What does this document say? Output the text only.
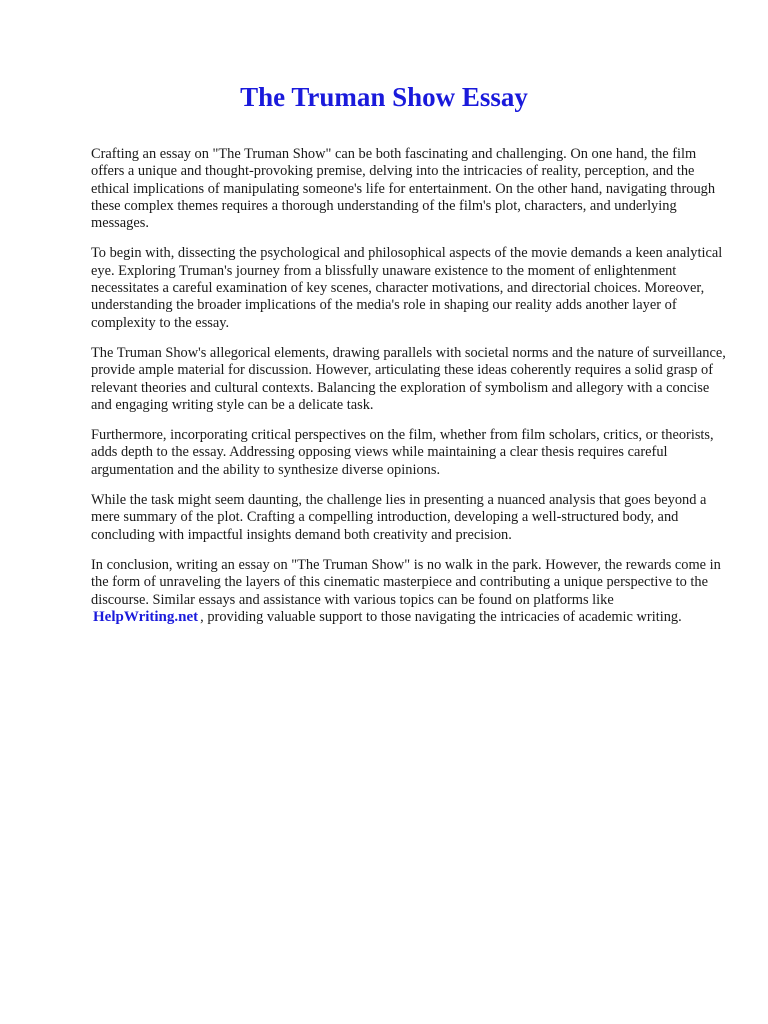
The Truman Show Essay

Crafting an essay on "The Truman Show" can be both fascinating and challenging. On one hand, the film offers a unique and thought-provoking premise, delving into the intricacies of reality, perception, and the ethical implications of manipulating someone's life for entertainment. On the other hand, navigating through these complex themes requires a thorough understanding of the film's plot, characters, and underlying messages.

To begin with, dissecting the psychological and philosophical aspects of the movie demands a keen analytical eye. Exploring Truman's journey from a blissfully unaware existence to the moment of enlightenment necessitates a careful examination of key scenes, character motivations, and directorial choices. Moreover, understanding the broader implications of the media's role in shaping our reality adds another layer of complexity to the essay.

The Truman Show's allegorical elements, drawing parallels with societal norms and the nature of surveillance, provide ample material for discussion. However, articulating these ideas coherently requires a solid grasp of relevant theories and cultural contexts. Balancing the exploration of symbolism and allegory with a concise and engaging writing style can be a delicate task.

Furthermore, incorporating critical perspectives on the film, whether from film scholars, critics, or theorists, adds depth to the essay. Addressing opposing views while maintaining a clear thesis requires careful argumentation and the ability to synthesize diverse opinions.

While the task might seem daunting, the challenge lies in presenting a nuanced analysis that goes beyond a mere summary of the plot. Crafting a compelling introduction, developing a well-structured body, and concluding with impactful insights demand both creativity and precision.

In conclusion, writing an essay on "The Truman Show" is no walk in the park. However, the rewards come in the form of unraveling the layers of this cinematic masterpiece and contributing a unique perspective to the discourse. Similar essays and assistance with various topics can be found on platforms like HelpWriting.net , providing valuable support to those navigating the intricacies of academic writing.
